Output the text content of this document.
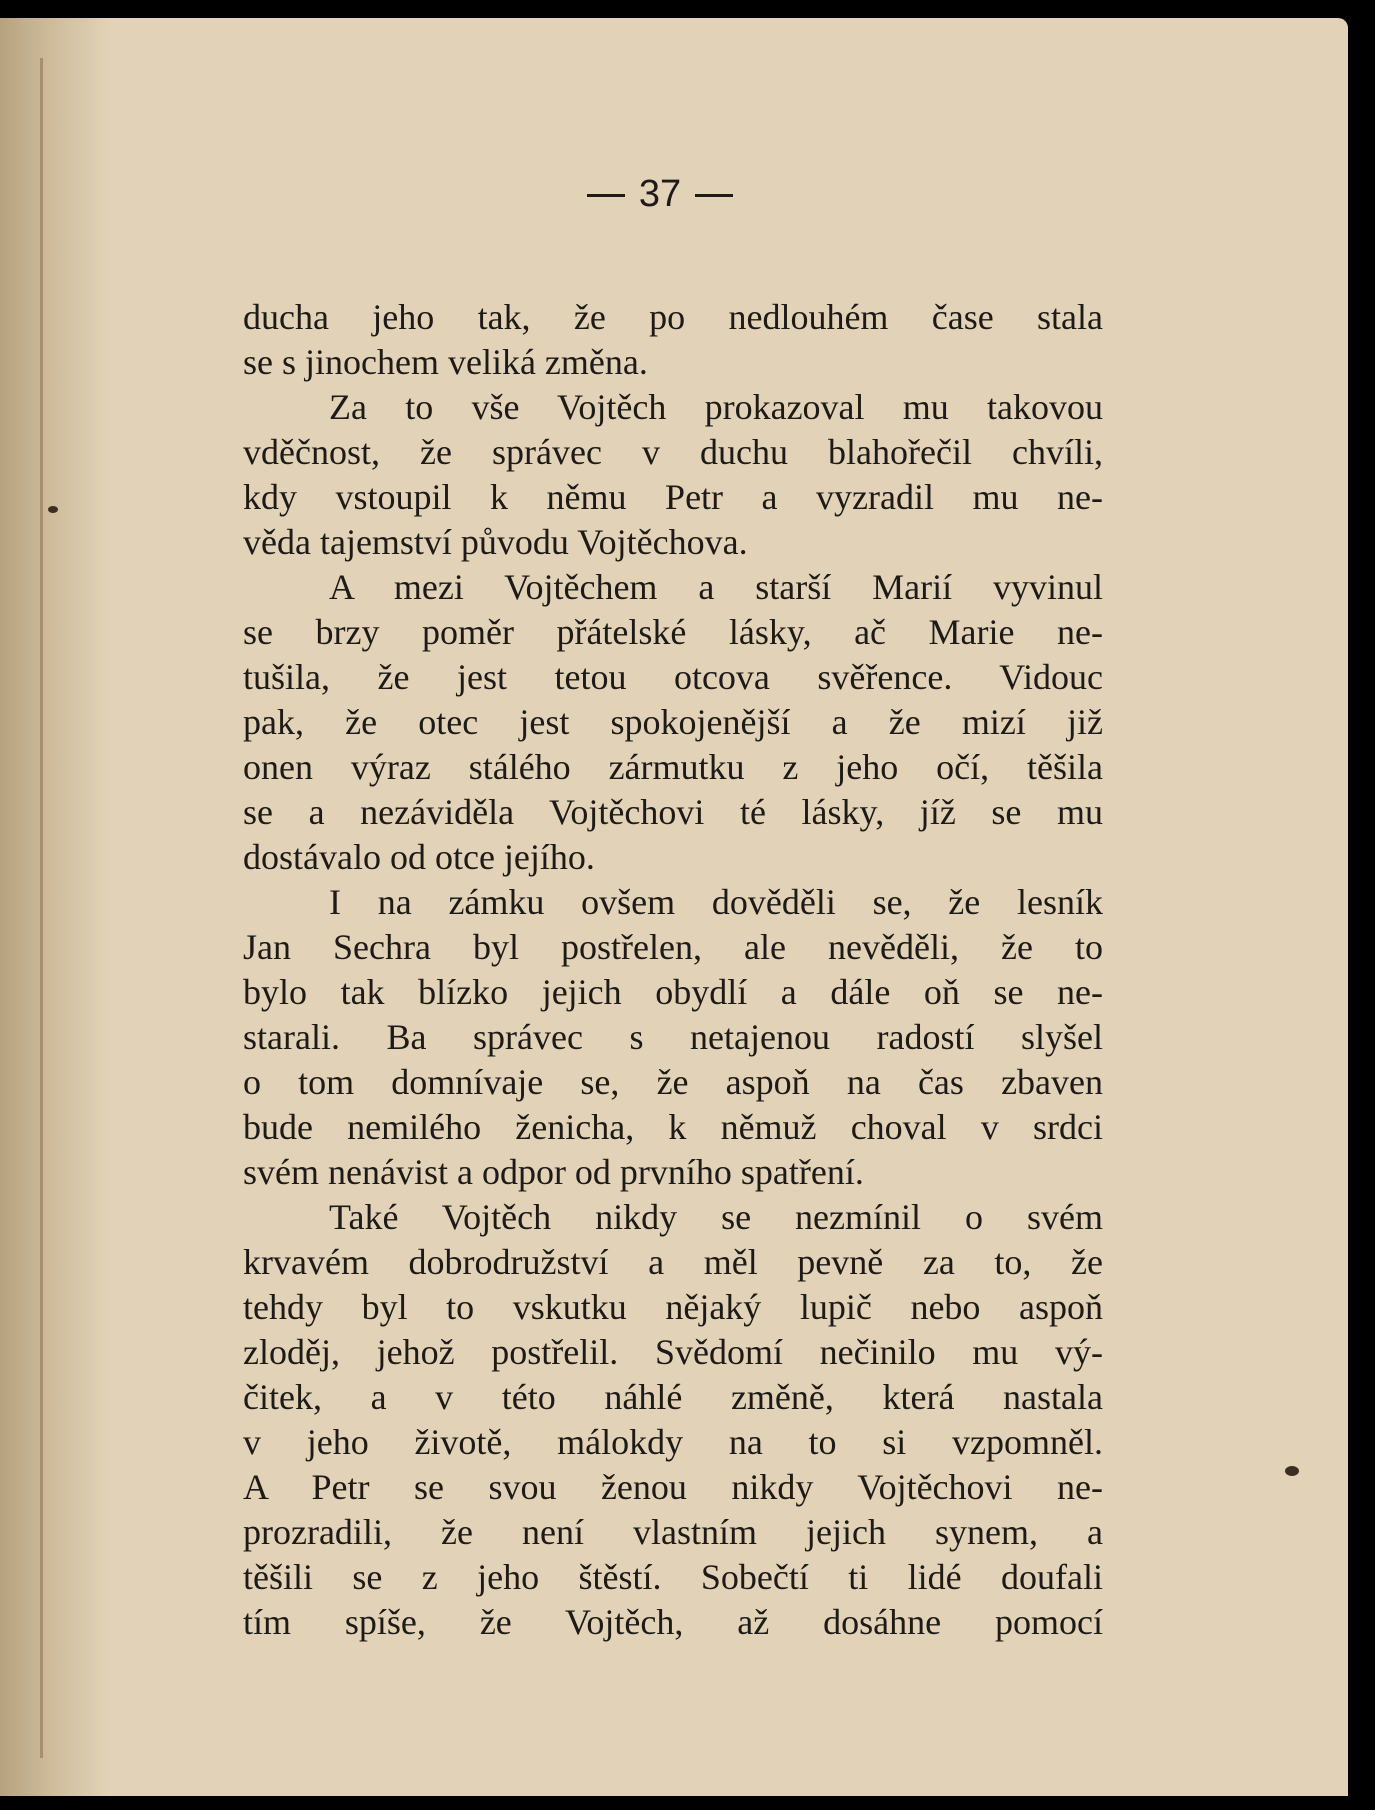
37
ducha jeho tak, že po nedlouhém čase stala
se s jinochem veliká změna.
Za to vše Vojtěch prokazoval mu takovou
vděčnost, že správec v duchu blahořečil chvíli,
kdy vstoupil k němu Petr a vyzradil mu ne-
věda tajemství původu Vojtěchova.
A mezi Vojtěchem a starší Marií vyvinul
se brzy poměr přátelské lásky, ač Marie ne-
tušila, že jest tetou otcova svěřence. Vidouc
pak, že otec jest spokojenější a že mizí již
onen výraz stálého zármutku z jeho očí, těšila
se a nezáviděla Vojtěchovi té lásky, jíž se mu
dostávalo od otce jejího.
I na zámku ovšem dověděli se, že lesník
Jan Sechra byl postřelen, ale nevěděli, že to
bylo tak blízko jejich obydlí a dále oň se ne-
starali. Ba správec s netajenou radostí slyšel
o tom domnívaje se, že aspoň na čas zbaven
bude nemilého ženicha, k němuž choval v srdci
svém nenávist a odpor od prvního spatření.
Také Vojtěch nikdy se nezmínil o svém
krvavém dobrodružství a měl pevně za to, že
tehdy byl to vskutku nějaký lupič nebo aspoň
zloděj, jehož postřelil. Svědomí nečinilo mu vý-
čitek, a v této náhlé změně, která nastala
v jeho životě, málokdy na to si vzpomněl.
A Petr se svou ženou nikdy Vojtěchovi ne-
prozradili, že není vlastním jejich synem, a
těšili se z jeho štěstí. Sobečtí ti lidé doufali
tím spíše, že Vojtěch, až dosáhne pomocí
